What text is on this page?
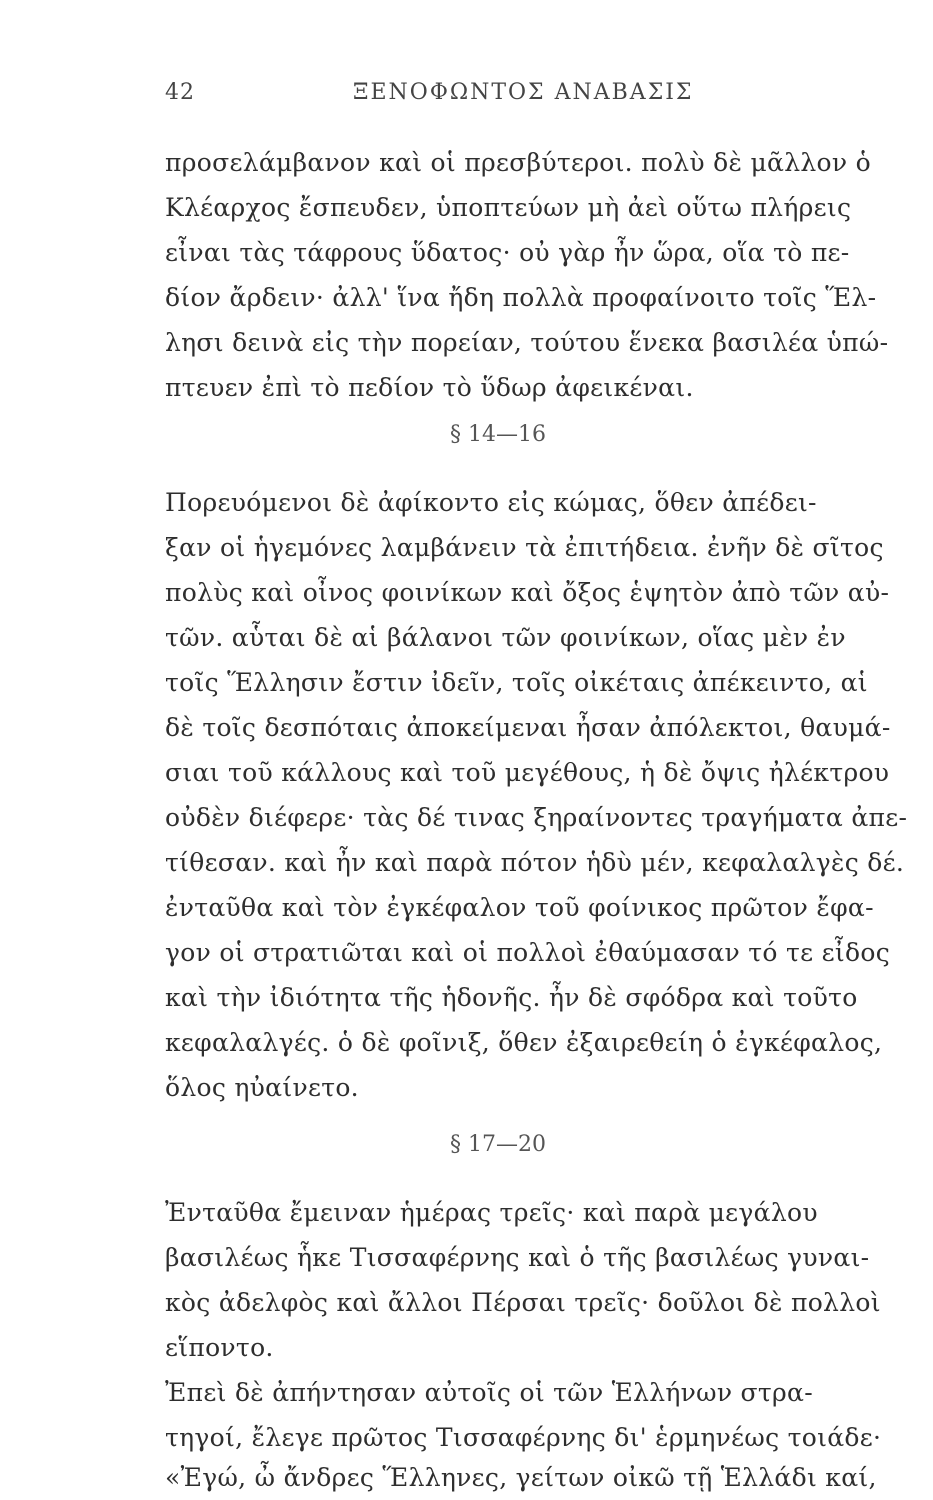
42	ΞΕΝΟΦΩΝΤΟΣ ΑΝΑΒΑΣΙΣ
προσελάμβανον καὶ οἱ πρεσβύτεροι. πολὺ δὲ μᾶλλον ὁ
Κλέαρχος ἔσπευδεν, ὑποπτεύων μὴ ἀεὶ οὕτω πλήρεις
εἶναι τὰς τάφρους ὕδατος· οὐ γὰρ ἦν ὥρα, οἵα τὸ πε-
δίον ἄρδειν· ἀλλ' ἵνα ἤδη πολλὰ προφαίνοιτο τοῖς Ἕλ-
λησι δεινὰ εἰς τὴν πορείαν, τούτου ἕνεκα βασιλέα ὑπώ-
πτευεν ἐπὶ τὸ πεδίον τὸ ὕδωρ ἀφεικέναι.
§ 14—16
Πορευόμενοι δὲ ἀφίκοντο εἰς κώμας, ὅθεν ἀπέδει-
ξαν οἱ ἡγεμόνες λαμβάνειν τὰ ἐπιτήδεια. ἐνῆν δὲ σῖτος
πολὺς καὶ οἶνος φοινίκων καὶ ὄξος ἑψητὸν ἀπὸ τῶν αὐ-
τῶν. αὗται δὲ αἱ βάλανοι τῶν φοινίκων, οἵας μὲν ἐν
τοῖς Ἕλλησιν ἔστιν ἰδεῖν, τοῖς οἰκέταις ἀπέκειντο, αἱ
δὲ τοῖς δεσπόταις ἀποκείμεναι ἦσαν ἀπόλεκτοι, θαυμά-
σιαι τοῦ κάλλους καὶ τοῦ μεγέθους, ἡ δὲ ὄψις ἠλέκτρου
οὐδὲν διέφερε· τὰς δέ τινας ξηραίνοντες τραγήματα ἀπε-
τίθεσαν. καὶ ἦν καὶ παρὰ πότον ἡδὺ μέν, κεφαλαλγὲς δέ.
ἐνταῦθα καὶ τὸν ἐγκέφαλον τοῦ φοίνικος πρῶτον ἔφα-
γον οἱ στρατιῶται καὶ οἱ πολλοὶ ἐθαύμασαν τό τε εἶδος
καὶ τὴν ἰδιότητα τῆς ἡδονῆς. ἦν δὲ σφόδρα καὶ τοῦτο
κεφαλαλγές. ὁ δὲ φοῖνιξ, ὅθεν ἐξαιρεθείη ὁ ἐγκέφαλος,
ὅλος ηὐαίνετο.
§ 17—20
Ἐνταῦθα ἔμειναν ἡμέρας τρεῖς· καὶ παρὰ μεγάλου
βασιλέως ἧκε Τισσαφέρνης καὶ ὁ τῆς βασιλέως γυναι-
κὸς ἀδελφὸς καὶ ἄλλοι Πέρσαι τρεῖς· δοῦλοι δὲ πολλοὶ
εἵποντο.
Ἐπεὶ δὲ ἀπήντησαν αὐτοῖς οἱ τῶν Ἑλλήνων στρα-
τηγοί, ἔλεγε πρῶτος Τισσαφέρνης δι' ἑρμηνέως τοιάδε·
«Ἐγώ, ὦ ἄνδρες Ἕλληνες, γείτων οἰκῶ τῇ Ἑλλάδι καί,
